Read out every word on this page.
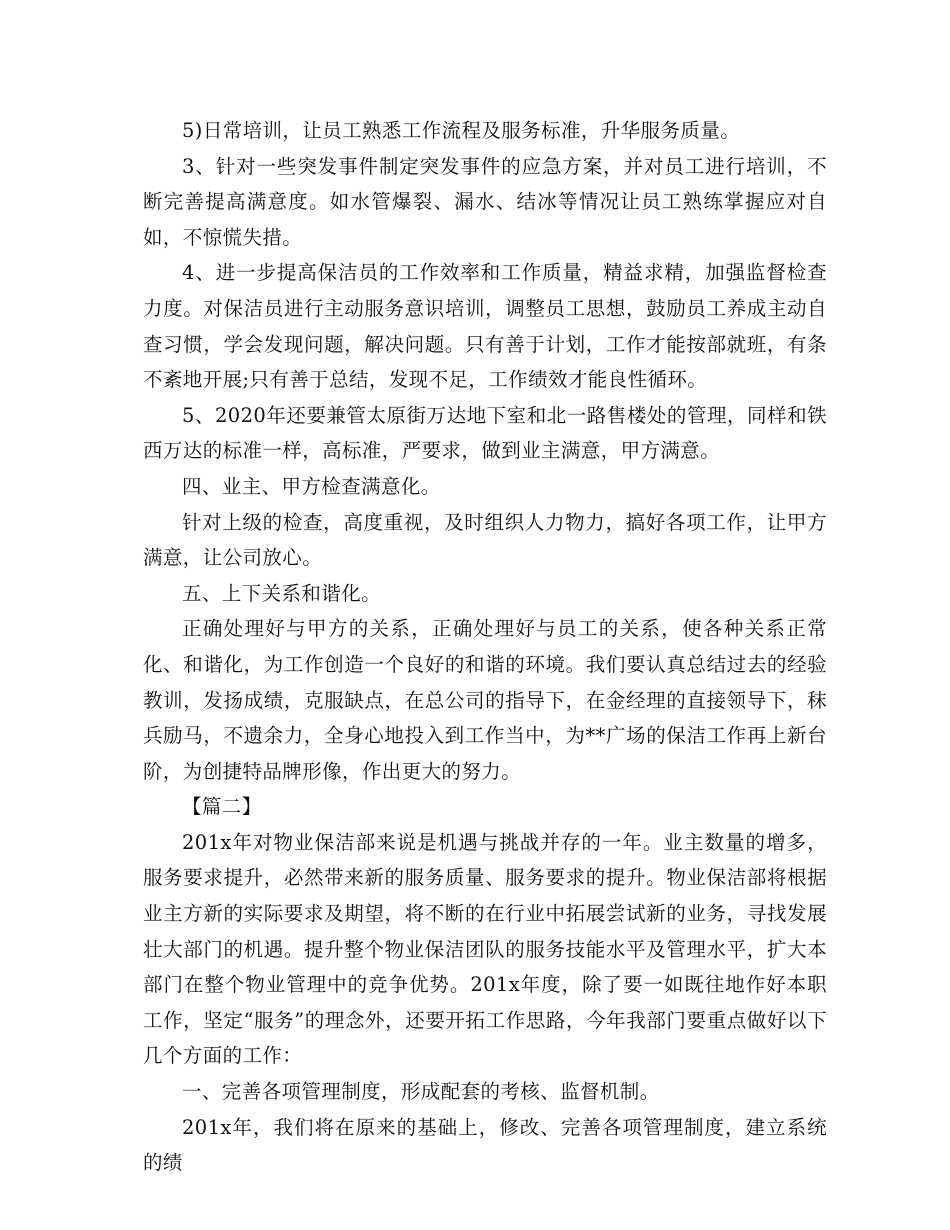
5)日常培训，让员工熟悉工作流程及服务标准，升华服务质量。

3、针对一些突发事件制定突发事件的应急方案，并对员工进行培训，不断完善提高满意度。如水管爆裂、漏水、结冰等情况让员工熟练掌握应对自如，不惊慌失措。

4、进一步提高保洁员的工作效率和工作质量，精益求精，加强监督检查力度。对保洁员进行主动服务意识培训，调整员工思想，鼓励员工养成主动自查习惯，学会发现问题，解决问题。只有善于计划，工作才能按部就班，有条不紊地开展;只有善于总结，发现不足，工作绩效才能良性循环。

5、2020年还要兼管太原街万达地下室和北一路售楼处的管理，同样和铁西万达的标准一样，高标准，严要求，做到业主满意，甲方满意。

四、业主、甲方检查满意化。

针对上级的检查，高度重视，及时组织人力物力，搞好各项工作，让甲方满意，让公司放心。

五、上下关系和谐化。

正确处理好与甲方的关系，正确处理好与员工的关系，使各种关系正常化、和谐化，为工作创造一个良好的和谐的环境。我们要认真总结过去的经验教训，发扬成绩，克服缺点，在总公司的指导下，在金经理的直接领导下，秣兵励马，不遗余力，全身心地投入到工作当中，为**广场的保洁工作再上新台阶，为创捷特品牌形像，作出更大的努力。

【篇二】

201x年对物业保洁部来说是机遇与挑战并存的一年。业主数量的增多，服务要求提升，必然带来新的服务质量、服务要求的提升。物业保洁部将根据业主方新的实际要求及期望，将不断的在行业中拓展尝试新的业务，寻找发展壮大部门的机遇。提升整个物业保洁团队的服务技能水平及管理水平，扩大本部门在整个物业管理中的竞争优势。201x年度，除了要一如既往地作好本职工作，坚定“服务”的理念外，还要开拓工作思路，今年我部门要重点做好以下几个方面的工作：

一、完善各项管理制度，形成配套的考核、监督机制。

201x年，我们将在原来的基础上，修改、完善各项管理制度，建立系统的绩
